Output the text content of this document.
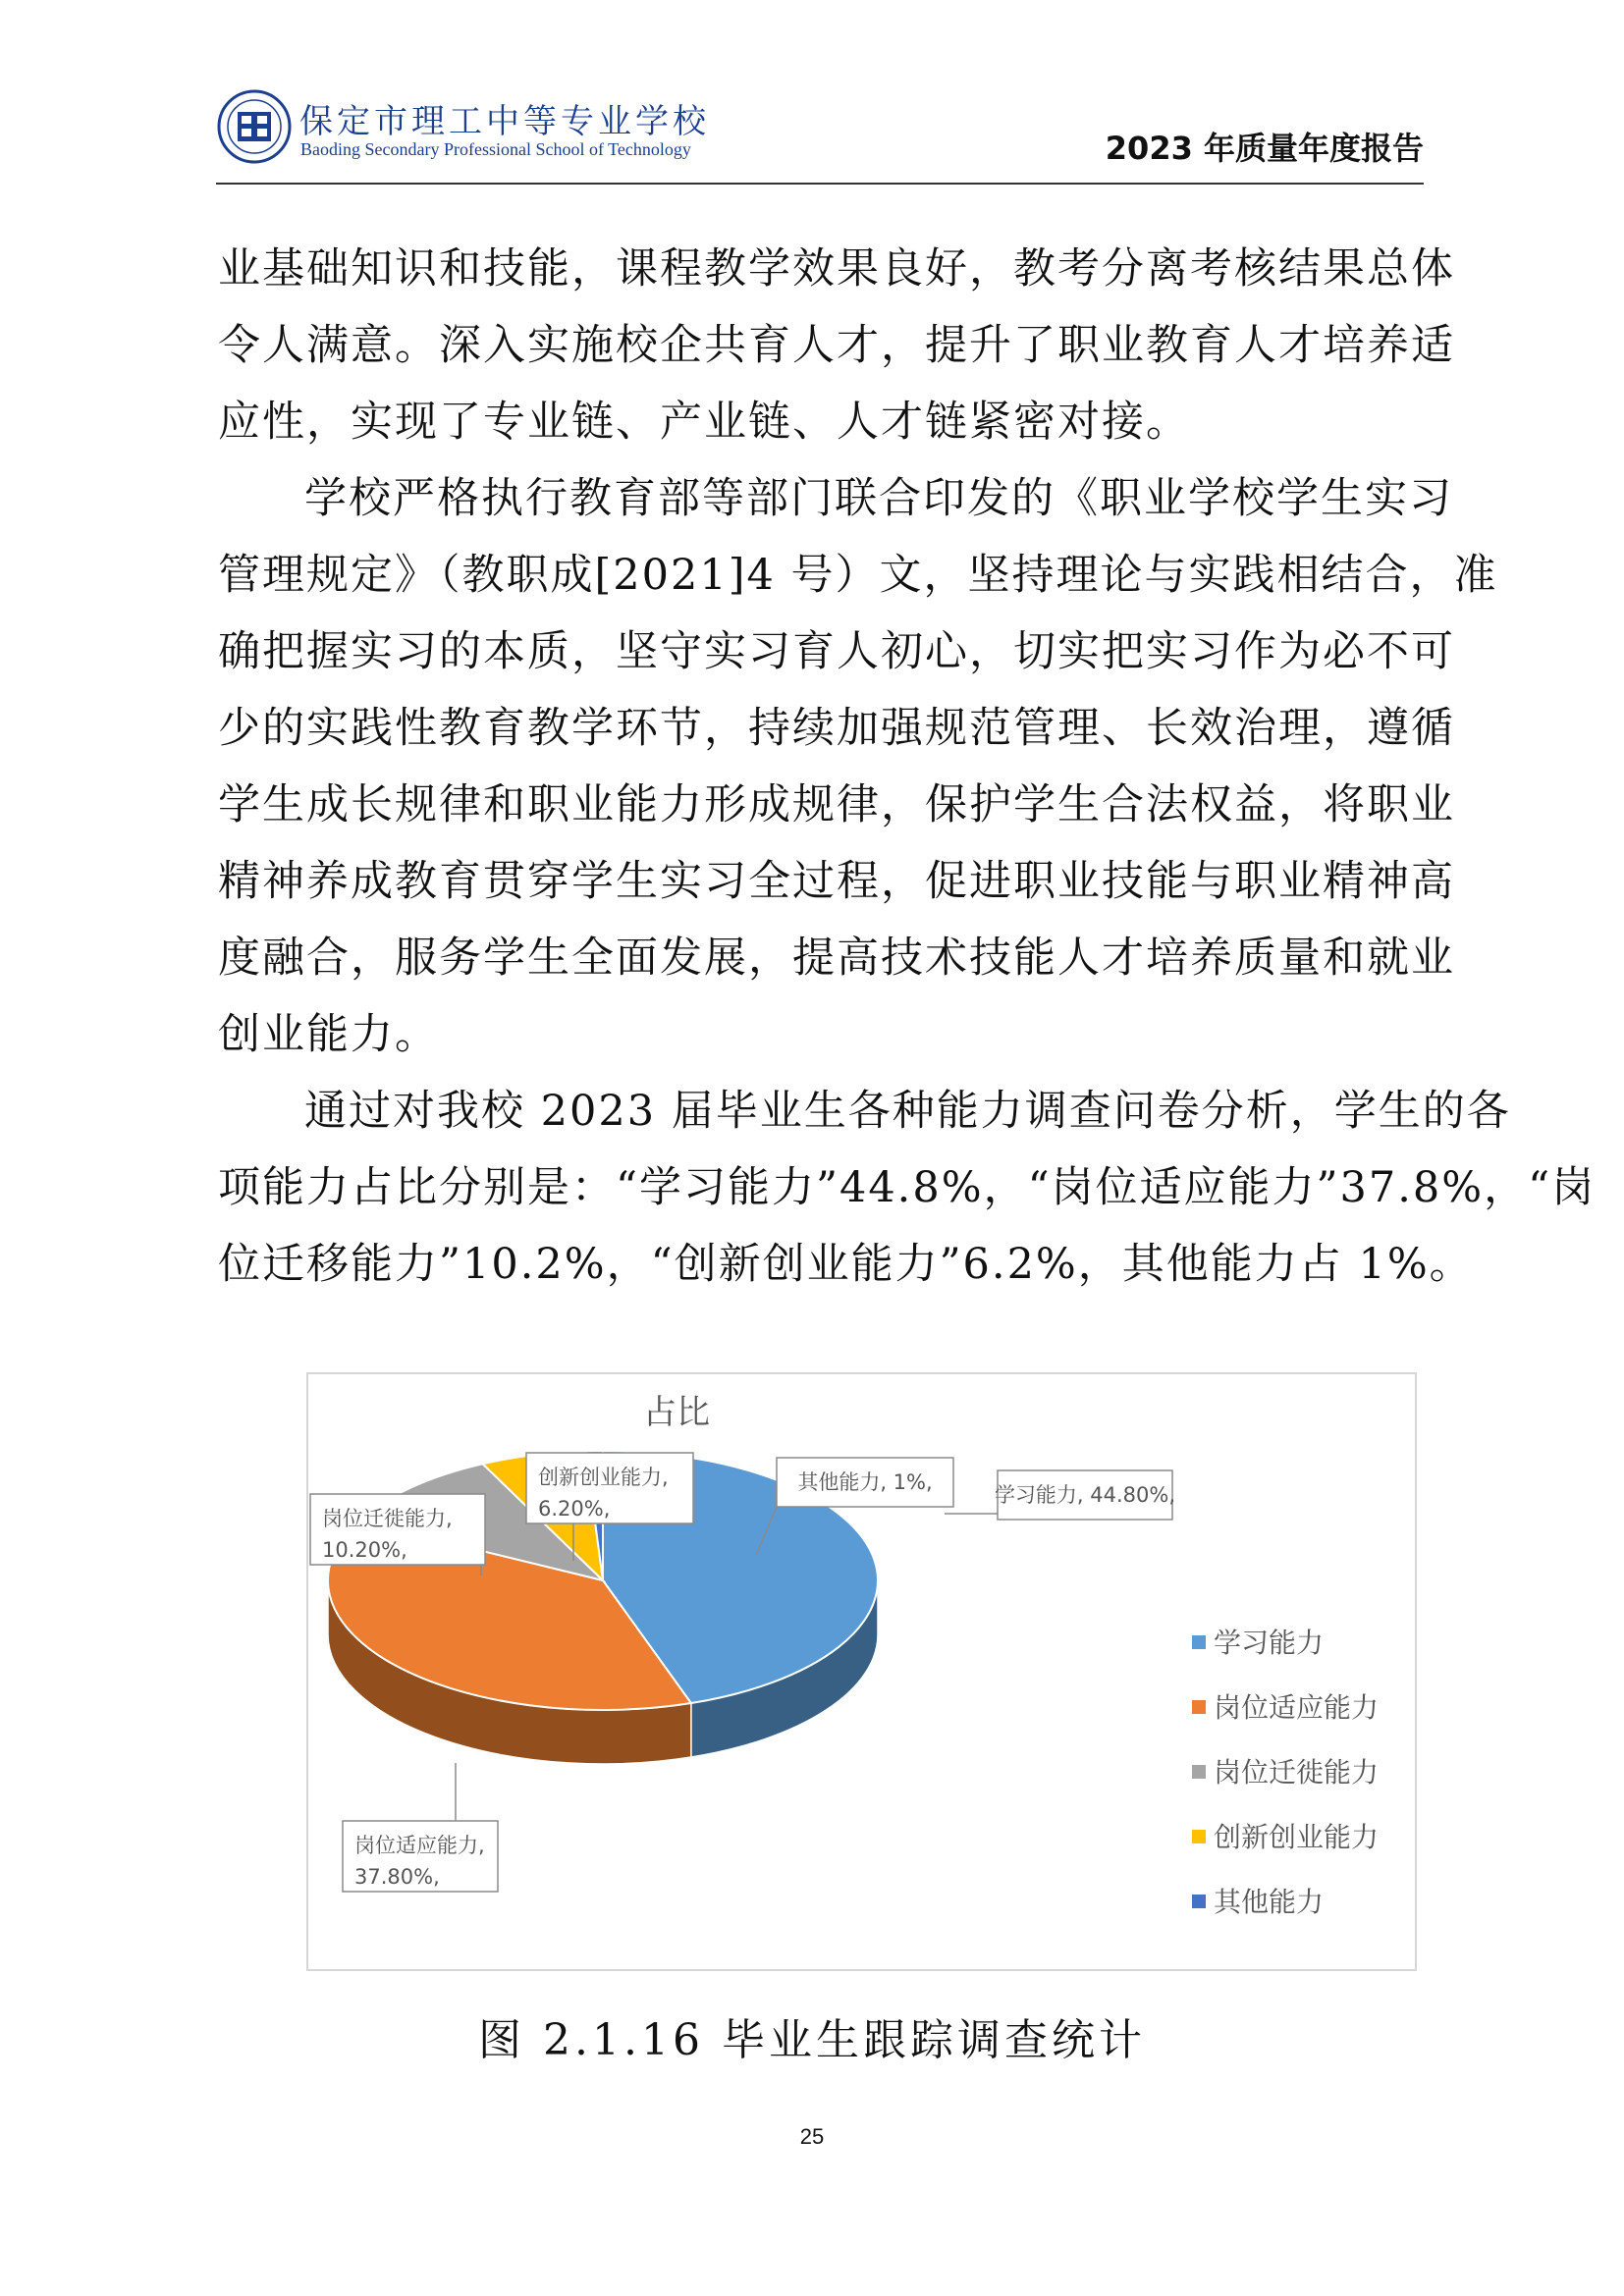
保定市理工中等专业学校
Baoding Secondary Professional School of Technology	2023 年质量年度报告
业基础知识和技能，课程教学效果良好，教考分离考核结果总体
令人满意。深入实施校企共育人才，提升了职业教育人才培养适
应性，实现了专业链、产业链、人才链紧密对接。
学校严格执行教育部等部门联合印发的《职业学校学生实习
管理规定》（教职成[2021]4 号）文，坚持理论与实践相结合，准
确把握实习的本质，坚守实习育人初心，切实把实习作为必不可
少的实践性教育教学环节，持续加强规范管理、长效治理，遵循
学生成长规律和职业能力形成规律，保护学生合法权益，将职业
精神养成教育贯穿学生实习全过程，促进职业技能与职业精神高
度融合，服务学生全面发展，提高技术技能人才培养质量和就业
创业能力。
通过对我校 2023 届毕业生各种能力调查问卷分析，学生的各
项能力占比分别是：“学习能力”44.8%，“岗位适应能力”37.8%，“岗
位迁移能力”10.2%，“创新创业能力”6.2%，其他能力占 1%。
占比
学习能力, 44.80%,
岗位适应能力,
37.80%,
岗位迁徙能力,
10.20%,
创新创业能力,
6.20%,
其他能力, 1%,
学习能力
岗位适应能力
岗位迁徙能力
创新创业能力
其他能力
图 2.1.16 毕业生跟踪调查统计
25
